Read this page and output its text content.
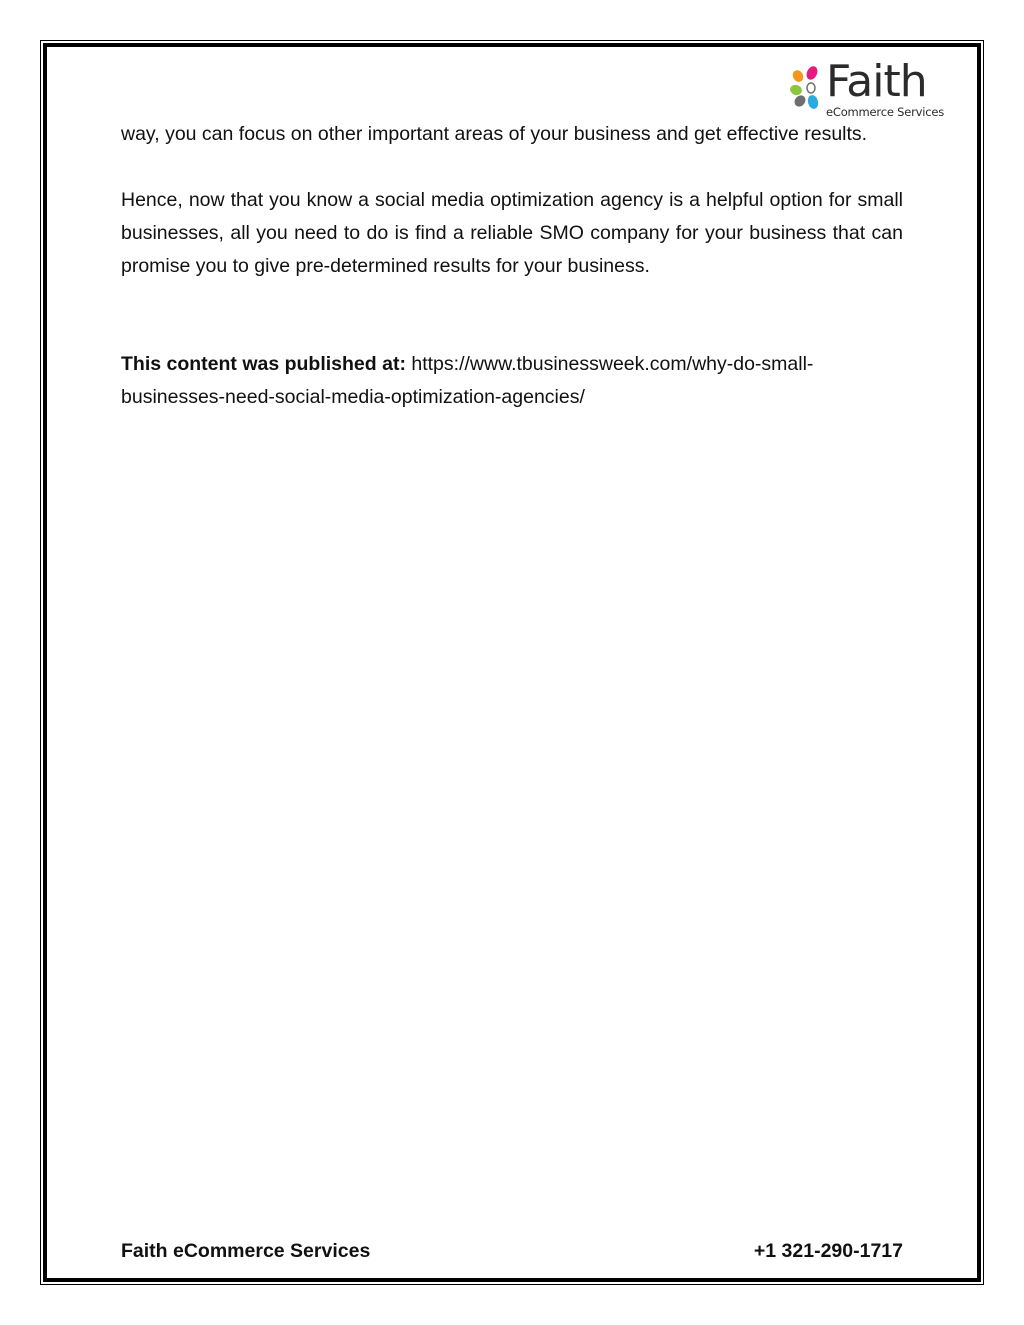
Faith
eCommerce Services

way, you can focus on other important areas of your business and get effective results.

Hence, now that you know a social media optimization agency is a helpful option for small businesses, all you need to do is find a reliable SMO company for your business that can promise you to give pre-determined results for your business.

This content was published at: https://www.tbusinessweek.com/why-do-small-businesses-need-social-media-optimization-agencies/

Faith eCommerce Services	+1 321-290-1717
